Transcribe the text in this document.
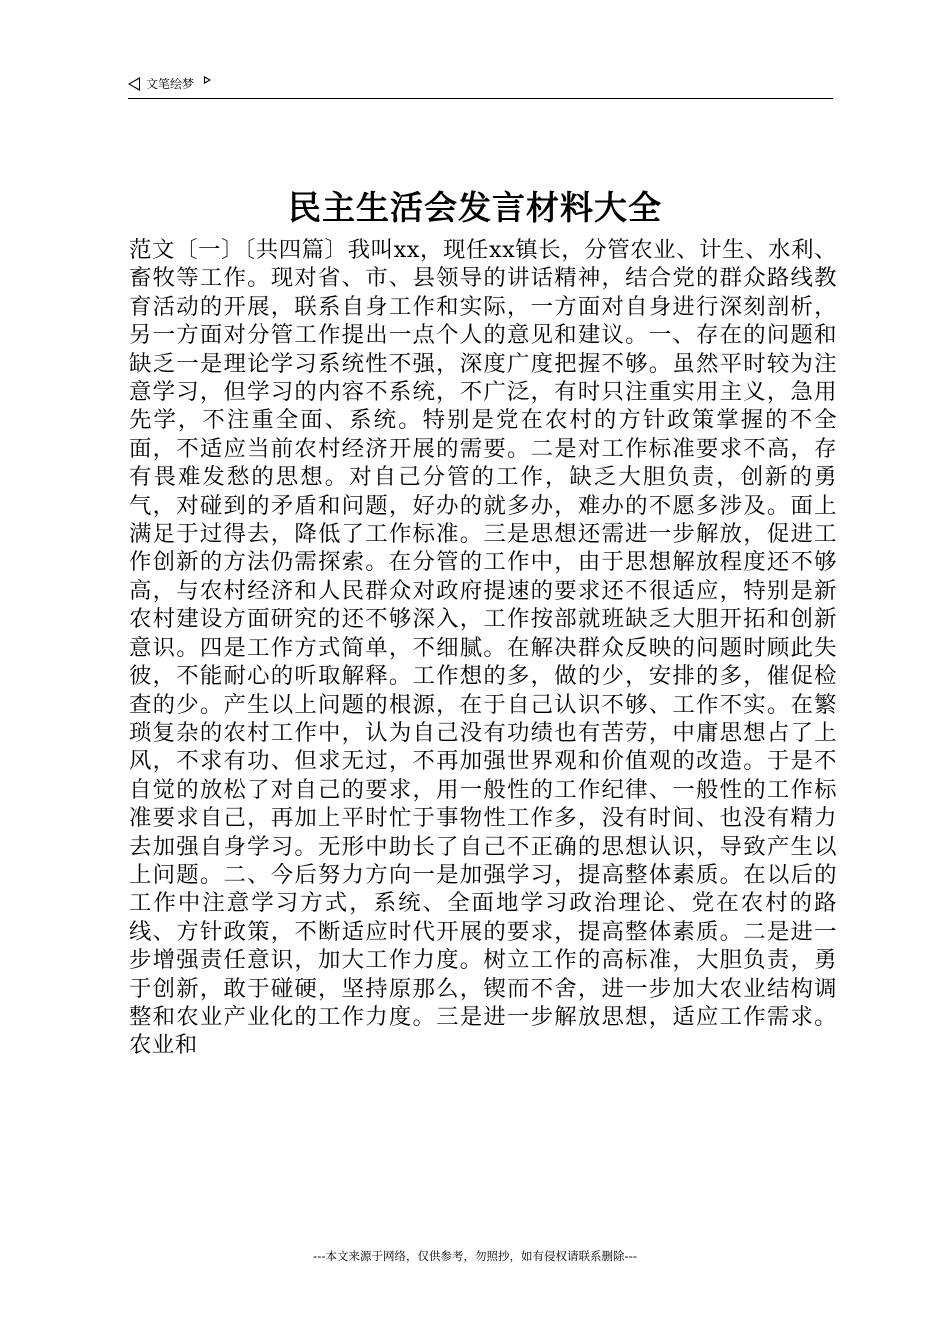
文笔绘梦
民主生活会发言材料大全

范文〔一〕〔共四篇〕我叫xx，现任xx镇长，分管农业、计生、水利、畜牧等工作。现对省、市、县领导的讲话精神，结合党的群众路线教育活动的开展，联系自身工作和实际，一方面对自身进行深刻剖析，另一方面对分管工作提出一点个人的意见和建议。一、存在的问题和缺乏一是理论学习系统性不强，深度广度把握不够。虽然平时较为注意学习，但学习的内容不系统，不广泛，有时只注重实用主义，急用先学，不注重全面、系统。特别是党在农村的方针政策掌握的不全面，不适应当前农村经济开展的需要。二是对工作标准要求不高，存有畏难发愁的思想。对自己分管的工作，缺乏大胆负责，创新的勇气，对碰到的矛盾和问题，好办的就多办，难办的不愿多涉及。面上满足于过得去，降低了工作标准。三是思想还需进一步解放，促进工作创新的方法仍需探索。在分管的工作中，由于思想解放程度还不够高，与农村经济和人民群众对政府提速的要求还不很适应，特别是新农村建设方面研究的还不够深入，工作按部就班缺乏大胆开拓和创新意识。四是工作方式简单，不细腻。在解决群众反映的问题时顾此失彼，不能耐心的听取解释。工作想的多，做的少，安排的多，催促检查的少。产生以上问题的根源，在于自己认识不够、工作不实。在繁琐复杂的农村工作中，认为自己没有功绩也有苦劳，中庸思想占了上风，不求有功、但求无过，不再加强世界观和价值观的改造。于是不自觉的放松了对自己的要求，用一般性的工作纪律、一般性的工作标准要求自己，再加上平时忙于事物性工作多，没有时间、也没有精力去加强自身学习。无形中助长了自己不正确的思想认识，导致产生以上问题。二、今后努力方向一是加强学习，提高整体素质。在以后的工作中注意学习方式，系统、全面地学习政治理论、党在农村的路线、方针政策，不断适应时代开展的要求，提高整体素质。二是进一步增强责任意识，加大工作力度。树立工作的高标准，大胆负责，勇于创新，敢于碰硬，坚持原那么，锲而不舍，进一步加大农业结构调整和农业产业化的工作力度。三是进一步解放思想，适应工作需求。农业和

---本文来源于网络，仅供参考，勿照抄，如有侵权请联系删除---
